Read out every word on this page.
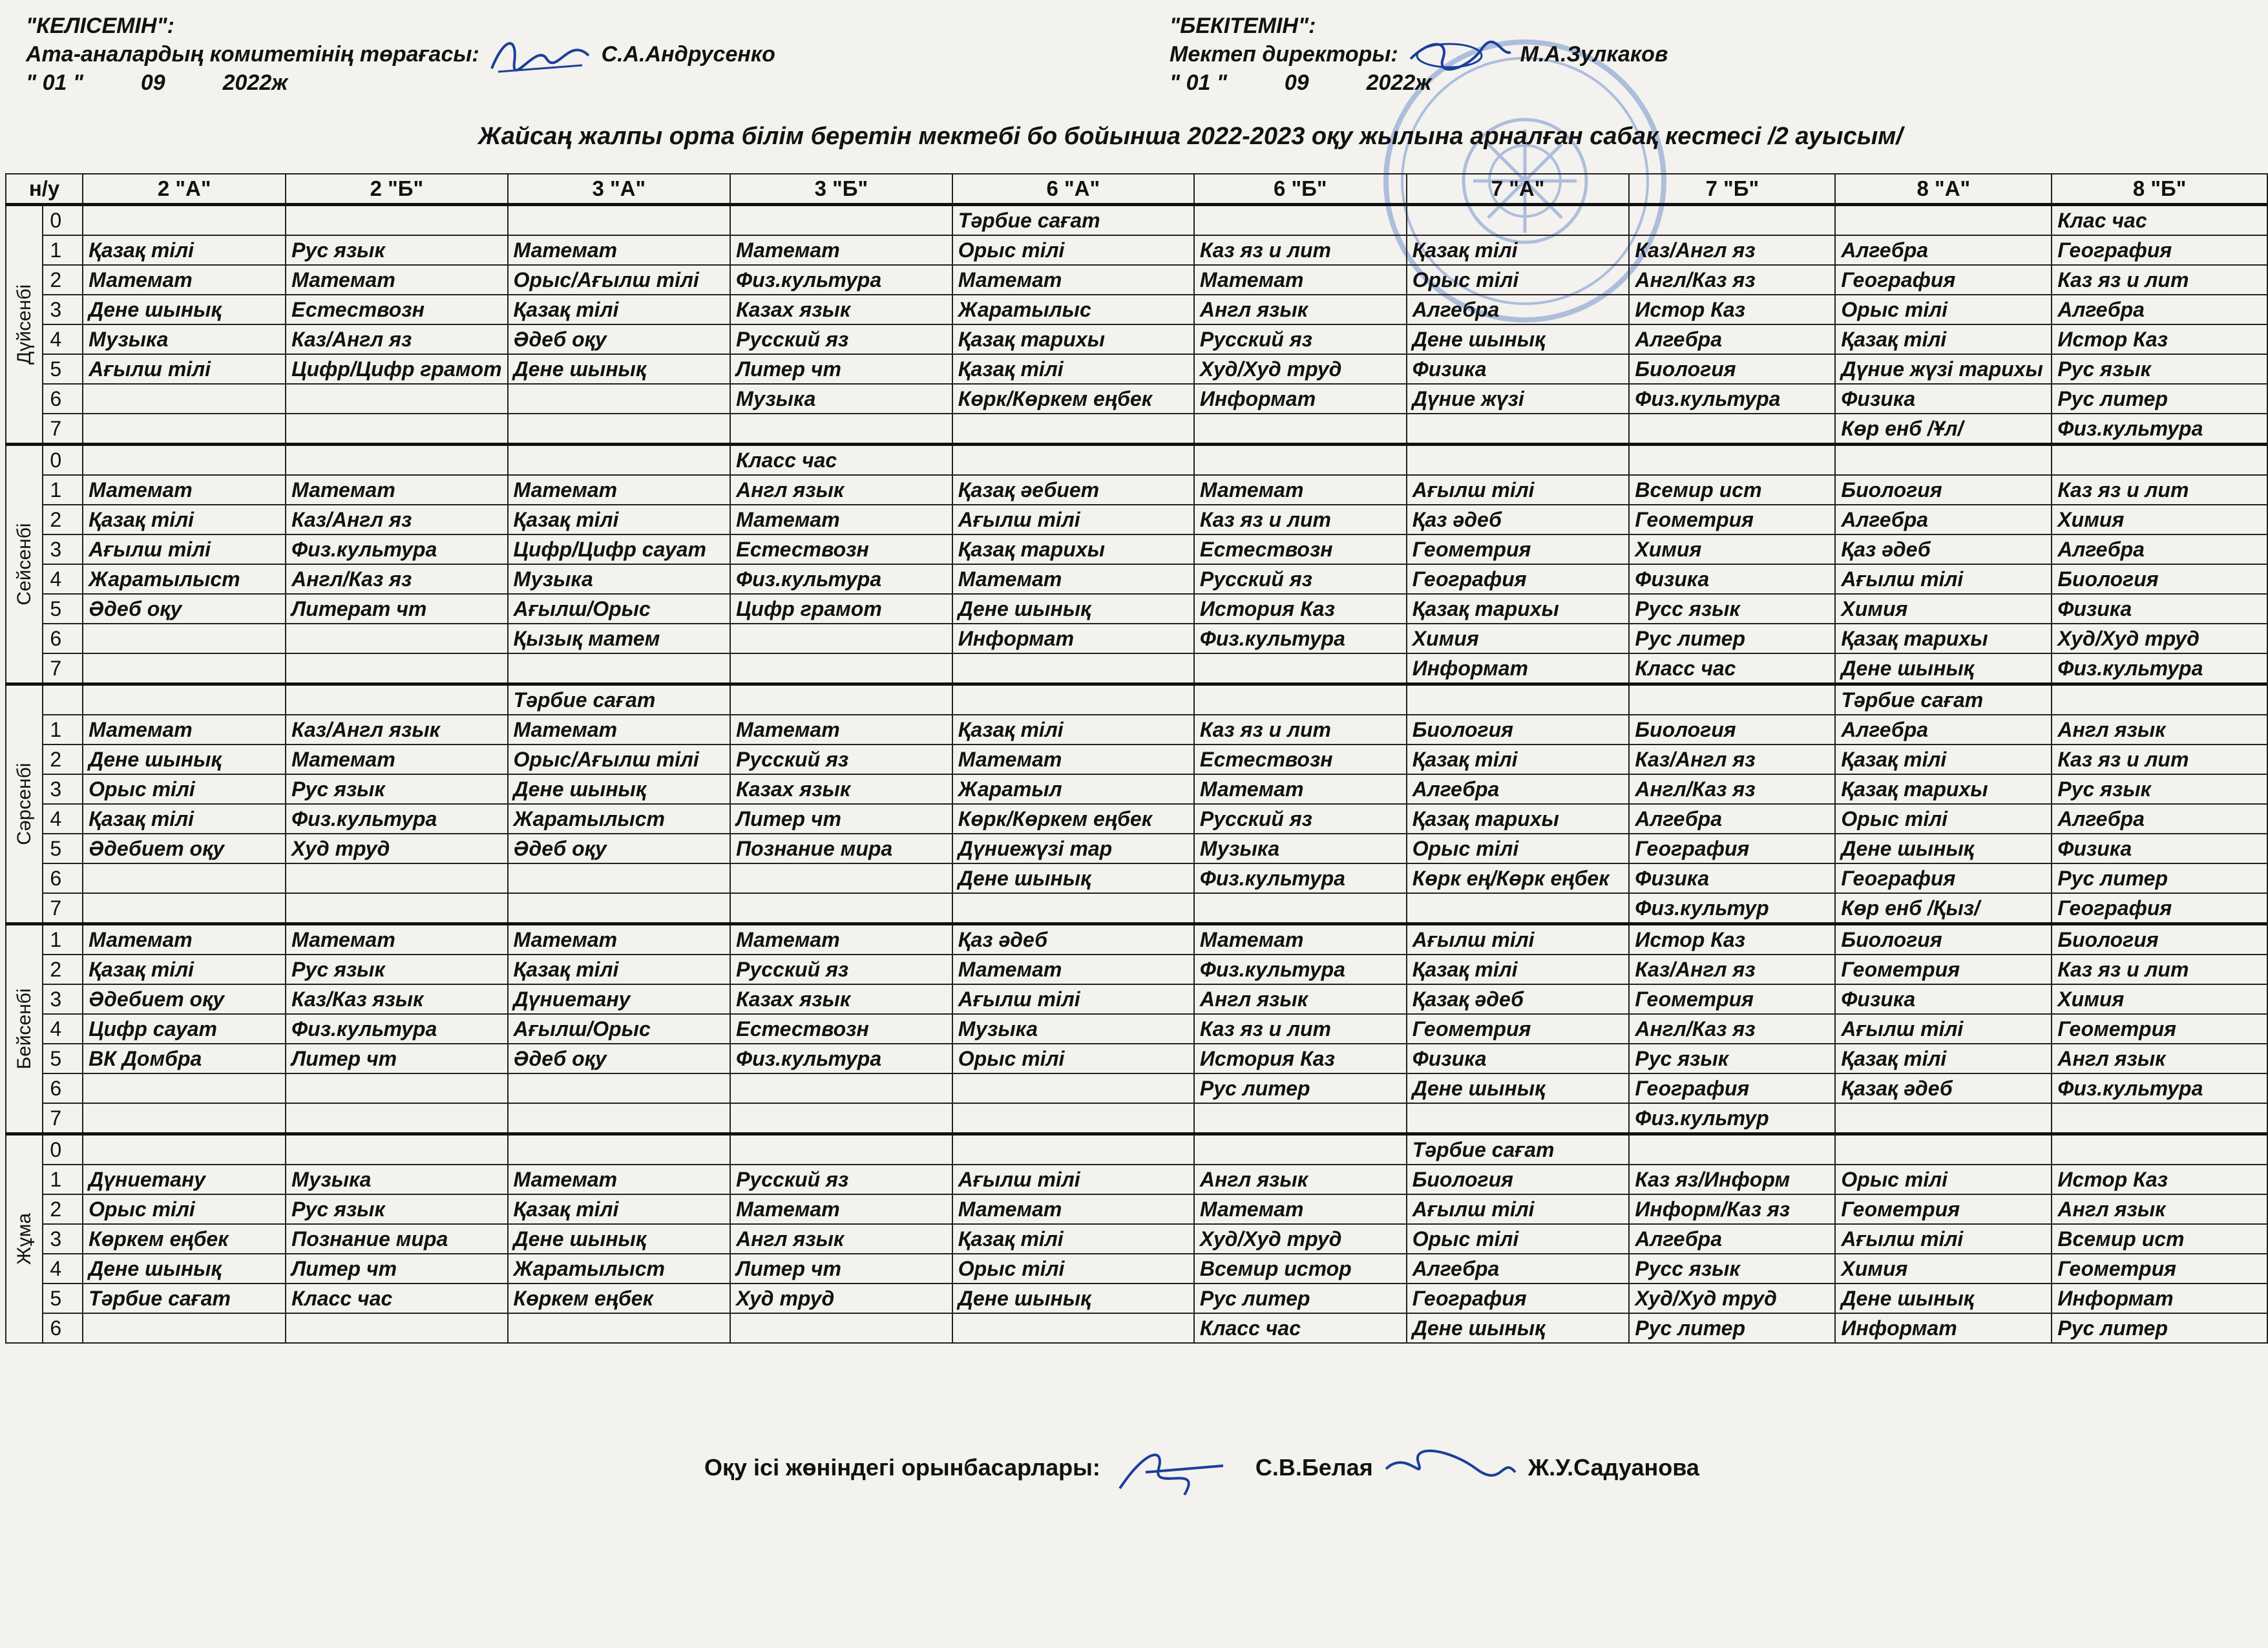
"КЕЛІСЕМІН":
Ата-аналардың комитетінің төрағасы:	С.А.Андрусенко
" 01 "	09	2022ж
"БЕКІТЕМІН":
Мектеп директоры:	М.А.Зулкаков
" 01 "	09	2022ж
Жайсаң жалпы орта білім беретін мектебі бо бойынша 2022-2023 оқу жылына арналған сабақ кестесі /2 ауысым/
н/у		2 "А"	2 "Б"	3 "А"	3 "Б"	6 "А"	6 "Б"	7 "А"	7 "Б"	8 "А"	8 "Б"

Дүйсенбі	0					Тәрбие сағат					Клас час
	1	Қазақ тілі	Рус язык	Математ	Математ	Орыс тілі	Каз яз и лит	Қазақ тілі	Каз/Англ яз	Алгебра	География
	2	Математ	Математ	Орыс/Ағылш тілі	Физ.культура	Математ	Математ	Орыс тілі	Англ/Каз яз	География	Каз яз и лит
	3	Дене шынық	Естествозн	Қазақ тілі	Казах язык	Жаратылыс	Англ язык	Алгебра	Истор Каз	Орыс тілі	Алгебра
	4	Музыка	Каз/Англ яз	Әдеб оқу	Русский яз	Қазақ тарихы	Русский яз	Дене шынық	Алгебра	Қазақ тілі	Истор Каз
	5	Ағылш тілі	Цифр/Цифр грамот	Дене шынық	Литер чт	Қазақ тілі	Худ/Худ труд	Физика	Биология	Дүние жүзі тарихы	Рус язык
	6				Музыка	Көрк/Көркем еңбек	Информат	Дүние жүзі	Физ.культура	Физика	Рус литер
	7									Көр енб /Ұл/	Физ.культура

Сейсенбі	0				Класс час						
	1	Математ	Математ	Математ	Англ язык	Қазақ әебиет	Математ	Ағылш тілі	Всемир ист	Биология	Каз яз и лит
	2	Қазақ тілі	Каз/Англ яз	Қазақ тілі	Математ	Ағылш тілі	Каз яз и лит	Қаз әдеб	Геометрия	Алгебра	Химия
	3	Ағылш тілі	Физ.культура	Цифр/Цифр сауат	Естествозн	Қазақ тарихы	Естествозн	Геометрия	Химия	Қаз әдеб	Алгебра
	4	Жаратылыст	Англ/Каз яз	Музыка	Физ.культура	Математ	Русский яз	География	Физика	Ағылш тілі	Биология
	5	Әдеб оқу	Литерат чт	Ағылш/Орыс	Цифр грамот	Дене шынық	История Каз	Қазақ тарихы	Русс язык	Химия	Физика
	6			Қызық матем		Информат	Физ.культура	Химия	Рус литер	Қазақ тарихы	Худ/Худ труд
	7							Информат	Класс час	Дене шынық	Физ.культура

Сәрсенбі				Тәрбие сағат						Тәрбие сағат	
	1	Математ	Каз/Англ язык	Математ	Математ	Қазақ тілі	Каз яз и лит	Биология	Биология	Алгебра	Англ язык
	2	Дене шынық	Математ	Орыс/Ағылш тілі	Русский яз	Математ	Естествозн	Қазақ тілі	Каз/Англ яз	Қазақ тілі	Каз яз и лит
	3	Орыс тілі	Рус язык	Дене шынық	Казах язык	Жаратыл	Математ	Алгебра	Англ/Каз яз	Қазақ тарихы	Рус язык
	4	Қазақ тілі	Физ.культура	Жаратылыст	Литер чт	Көрк/Көркем еңбек	Русский яз	Қазақ тарихы	Алгебра	Орыс тілі	Алгебра
	5	Әдебиет оқу	Худ труд	Әдеб оқу	Познание мира	Дүниежүзі тар	Музыка	Орыс тілі	География	Дене шынық	Физика
	6					Дене шынық	Физ.культура	Көрк ең/Көрк еңбек	Физика	География	Рус литер
	7								Физ.культур	Көр енб /Қыз/	География

Бейсенбі	1	Математ	Математ	Математ	Математ	Қаз әдеб	Математ	Ағылш тілі	Истор Каз	Биология	Биология
	2	Қазақ тілі	Рус язык	Қазақ тілі	Русский яз	Математ	Физ.культура	Қазақ тілі	Каз/Англ яз	Геометрия	Каз яз и лит
	3	Әдебиет оқу	Каз/Каз язык	Дүниетану	Казах язык	Ағылш тілі	Англ язык	Қазақ әдеб	Геометрия	Физика	Химия
	4	Цифр сауат	Физ.культура	Ағылш/Орыс	Естествозн	Музыка	Каз яз и лит	Геометрия	Англ/Каз яз	Ағылш тілі	Геометрия
	5	ВК Домбра	Литер чт	Әдеб оқу	Физ.культура	Орыс тілі	История Каз	Физика	Рус язык	Қазақ тілі	Англ язык
	6						Рус литер	Дене шынық	География	Қазақ әдеб	Физ.культура
	7								Физ.культур		

Жұма	0							Тәрбие сағат			
	1	Дүниетану	Музыка	Математ	Русский яз	Ағылш тілі	Англ язык	Биология	Каз яз/Информ	Орыс тілі	Истор Каз
	2	Орыс тілі	Рус язык	Қазақ тілі	Математ	Математ	Математ	Ағылш тілі	Информ/Каз яз	Геометрия	Англ язык
	3	Көркем еңбек	Познание мира	Дене шынық	Англ язык	Қазақ тілі	Худ/Худ труд	Орыс тілі	Алгебра	Ағылш тілі	Всемир ист
	4	Дене шынық	Литер чт	Жаратылыст	Литер чт	Орыс тілі	Всемир истор	Алгебра	Русс язык	Химия	Геометрия
	5	Тәрбие сағат	Класс час	Көркем еңбек	Худ труд	Дене шынық	Рус литер	География	Худ/Худ труд	Дене шынық	Информат
	6						Класс час	Дене шынық	Рус литер	Информат	Рус литер
Оқу ісі жөніндегі орынбасарлары:	С.В.Белая	Ж.У.Садуанова
